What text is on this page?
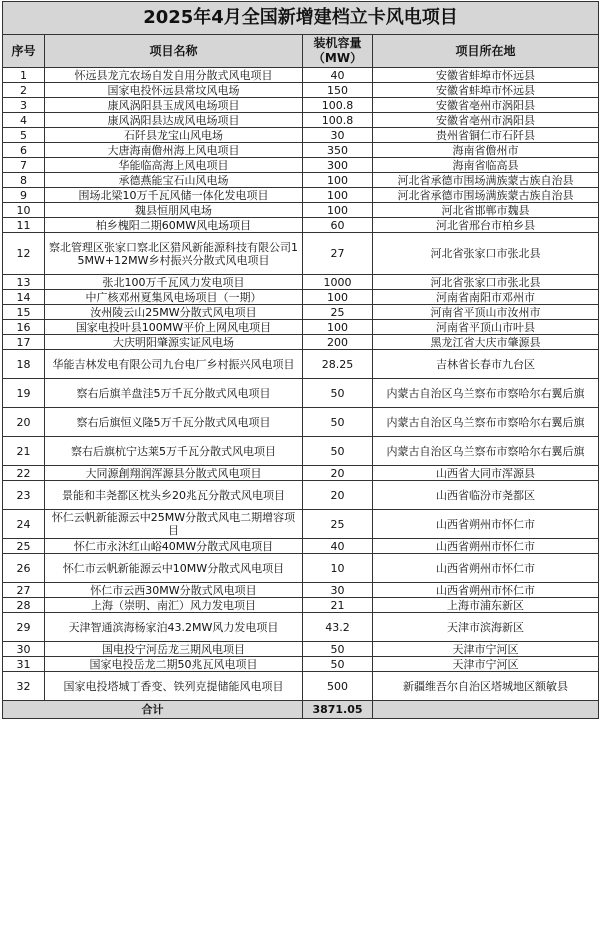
2025年4月全国新增建档立卡风电项目			
序号	项目名称	装机容量（MW）	项目所在地
1	怀远县龙亢农场自发自用分散式风电项目	40	安徽省蚌埠市怀远县
2	国家电投怀远县常坟风电场	150	安徽省蚌埠市怀远县
3	康风涡阳县玉成风电场项目	100.8	安徽省亳州市涡阳县
4	康风涡阳县达成风电场项目	100.8	安徽省亳州市涡阳县
5	石阡县龙宝山风电场	30	贵州省铜仁市石阡县
6	大唐海南儋州海上风电项目	350	海南省儋州市
7	华能临高海上风电项目	300	海南省临高县
8	承德燕能宝石山风电场	100	河北省承德市围场满族蒙古族自治县
9	围场北梁10万千瓦风储一体化发电项目	100	河北省承德市围场满族蒙古族自治县
10	魏县恒朋风电场	100	河北省邯郸市魏县
11	柏乡槐阳二期60MW风电场项目	60	河北省邢台市柏乡县
12	察北管理区张家口察北区猎风新能源科技有限公司15MW+12MW乡村振兴分散式风电项目	27	河北省张家口市张北县
13	张北100万千瓦风力发电项目	1000	河北省张家口市张北县
14	中广核邓州夏集风电场项目（一期）	100	河南省南阳市邓州市
15	汝州陵云山25MW分散式风电项目	25	河南省平顶山市汝州市
16	国家电投叶县100MW平价上网风电项目	100	河南省平顶山市叶县
17	大庆明阳肇源实证风电场	200	黑龙江省大庆市肇源县
18	华能吉林发电有限公司九台电厂乡村振兴风电项目	28.25	吉林省长春市九台区
19	察右后旗羊盘洼5万千瓦分散式风电项目	50	内蒙古自治区乌兰察布市察哈尔右翼后旗
20	察右后旗恒义隆5万千瓦分散式风电项目	50	内蒙古自治区乌兰察布市察哈尔右翼后旗
21	察右后旗杭宁达莱5万千瓦分散式风电项目	50	内蒙古自治区乌兰察布市察哈尔右翼后旗
22	大同源創翔润浑源县分散式风电项目	20	山西省大同市浑源县
23	景能和丰尧都区枕头乡20兆瓦分散式风电项目	20	山西省临汾市尧都区
24	怀仁云帆新能源云中25MW分散式风电二期增容项目	25	山西省朔州市怀仁市
25	怀仁市永沐红山峪40MW分散式风电项目	40	山西省朔州市怀仁市
26	怀仁市云帆新能源云中10MW分散式风电项目	10	山西省朔州市怀仁市
27	怀仁市云西30MW分散式风电项目	30	山西省朔州市怀仁市
28	上海（崇明、南汇）风力发电项目	21	上海市浦东新区
29	天津智通滨海杨家泊43.2MW风力发电项目	43.2	天津市滨海新区
30	国电投宁河岳龙三期风电项目	50	天津市宁河区
31	国家电投岳龙二期50兆瓦风电项目	50	天津市宁河区
32	国家电投塔城丁香变、铁列克提储能风电项目	500	新疆维吾尔自治区塔城地区额敏县
合计		3871.05	
